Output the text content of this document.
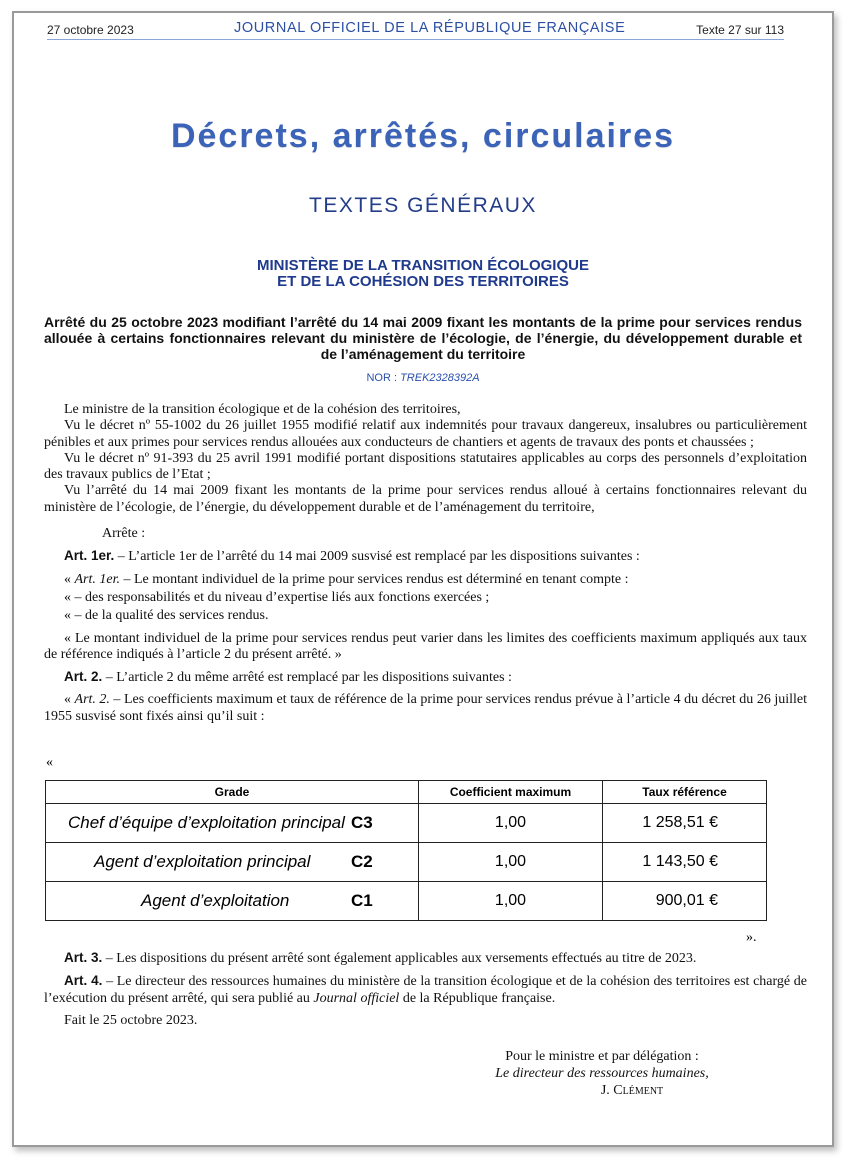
27 octobre 2023	JOURNAL OFFICIEL DE LA RÉPUBLIQUE FRANÇAISE	Texte 27 sur 113
Décrets, arrêtés, circulaires
TEXTES GÉNÉRAUX
MINISTÈRE DE LA TRANSITION ÉCOLOGIQUE
ET DE LA COHÉSION DES TERRITOIRES
Arrêté du 25 octobre 2023 modifiant l’arrêté du 14 mai 2009 fixant les montants de la prime pour services rendus allouée à certains fonctionnaires relevant du ministère de l’écologie, de l’énergie, du développement durable et de l’aménagement du territoire
NOR : TREK2328392A

Le ministre de la transition écologique et de la cohésion des territoires,

Vu le décret nº 55-1002 du 26 juillet 1955 modifié relatif aux indemnités pour travaux dangereux, insalubres ou particulièrement pénibles et aux primes pour services rendus allouées aux conducteurs de chantiers et agents de travaux des ponts et chaussées ;

Vu le décret nº 91-393 du 25 avril 1991 modifié portant dispositions statutaires applicables au corps des personnels d’exploitation des travaux publics de l’Etat ;

Vu l’arrêté du 14 mai 2009 fixant les montants de la prime pour services rendus alloué à certains fonctionnaires relevant du ministère de l’écologie, de l’énergie, du développement durable et de l’aménagement du territoire,

Arrête :

Art. 1er. – L’article 1er de l’arrêté du 14 mai 2009 susvisé est remplacé par les dispositions suivantes :

« Art. 1er. – Le montant individuel de la prime pour services rendus est déterminé en tenant compte :

« – des responsabilités et du niveau d’expertise liés aux fonctions exercées ;

« – de la qualité des services rendus.

« Le montant individuel de la prime pour services rendus peut varier dans les limites des coefficients maximum appliqués aux taux de référence indiqués à l’article 2 du présent arrêté. »

Art. 2. – L’article 2 du même arrêté est remplacé par les dispositions suivantes :

« Art. 2. – Les coefficients maximum et taux de référence de la prime pour services rendus prévue à l’article 4 du décret du 26 juillet 1955 susvisé sont fixés ainsi qu’il suit :

«
Grade	Coefficient maximum	Taux référence

Chef d’équipe d’exploitation principal C3	1,00	1 258,51 €

Agent d’exploitation principal C2	1,00	1 143,50 €

Agent d’exploitation C1	1,00	900,01 €
».

Art. 3. – Les dispositions du présent arrêté sont également applicables aux versements effectués au titre de 2023.

Art. 4. – Le directeur des ressources humaines du ministère de la transition écologique et de la cohésion des territoires est chargé de l’exécution du présent arrêté, qui sera publié au Journal officiel de la République française.

Fait le 25 octobre 2023.

Pour le ministre et par délégation :
Le directeur des ressources humaines,
J. Clément
